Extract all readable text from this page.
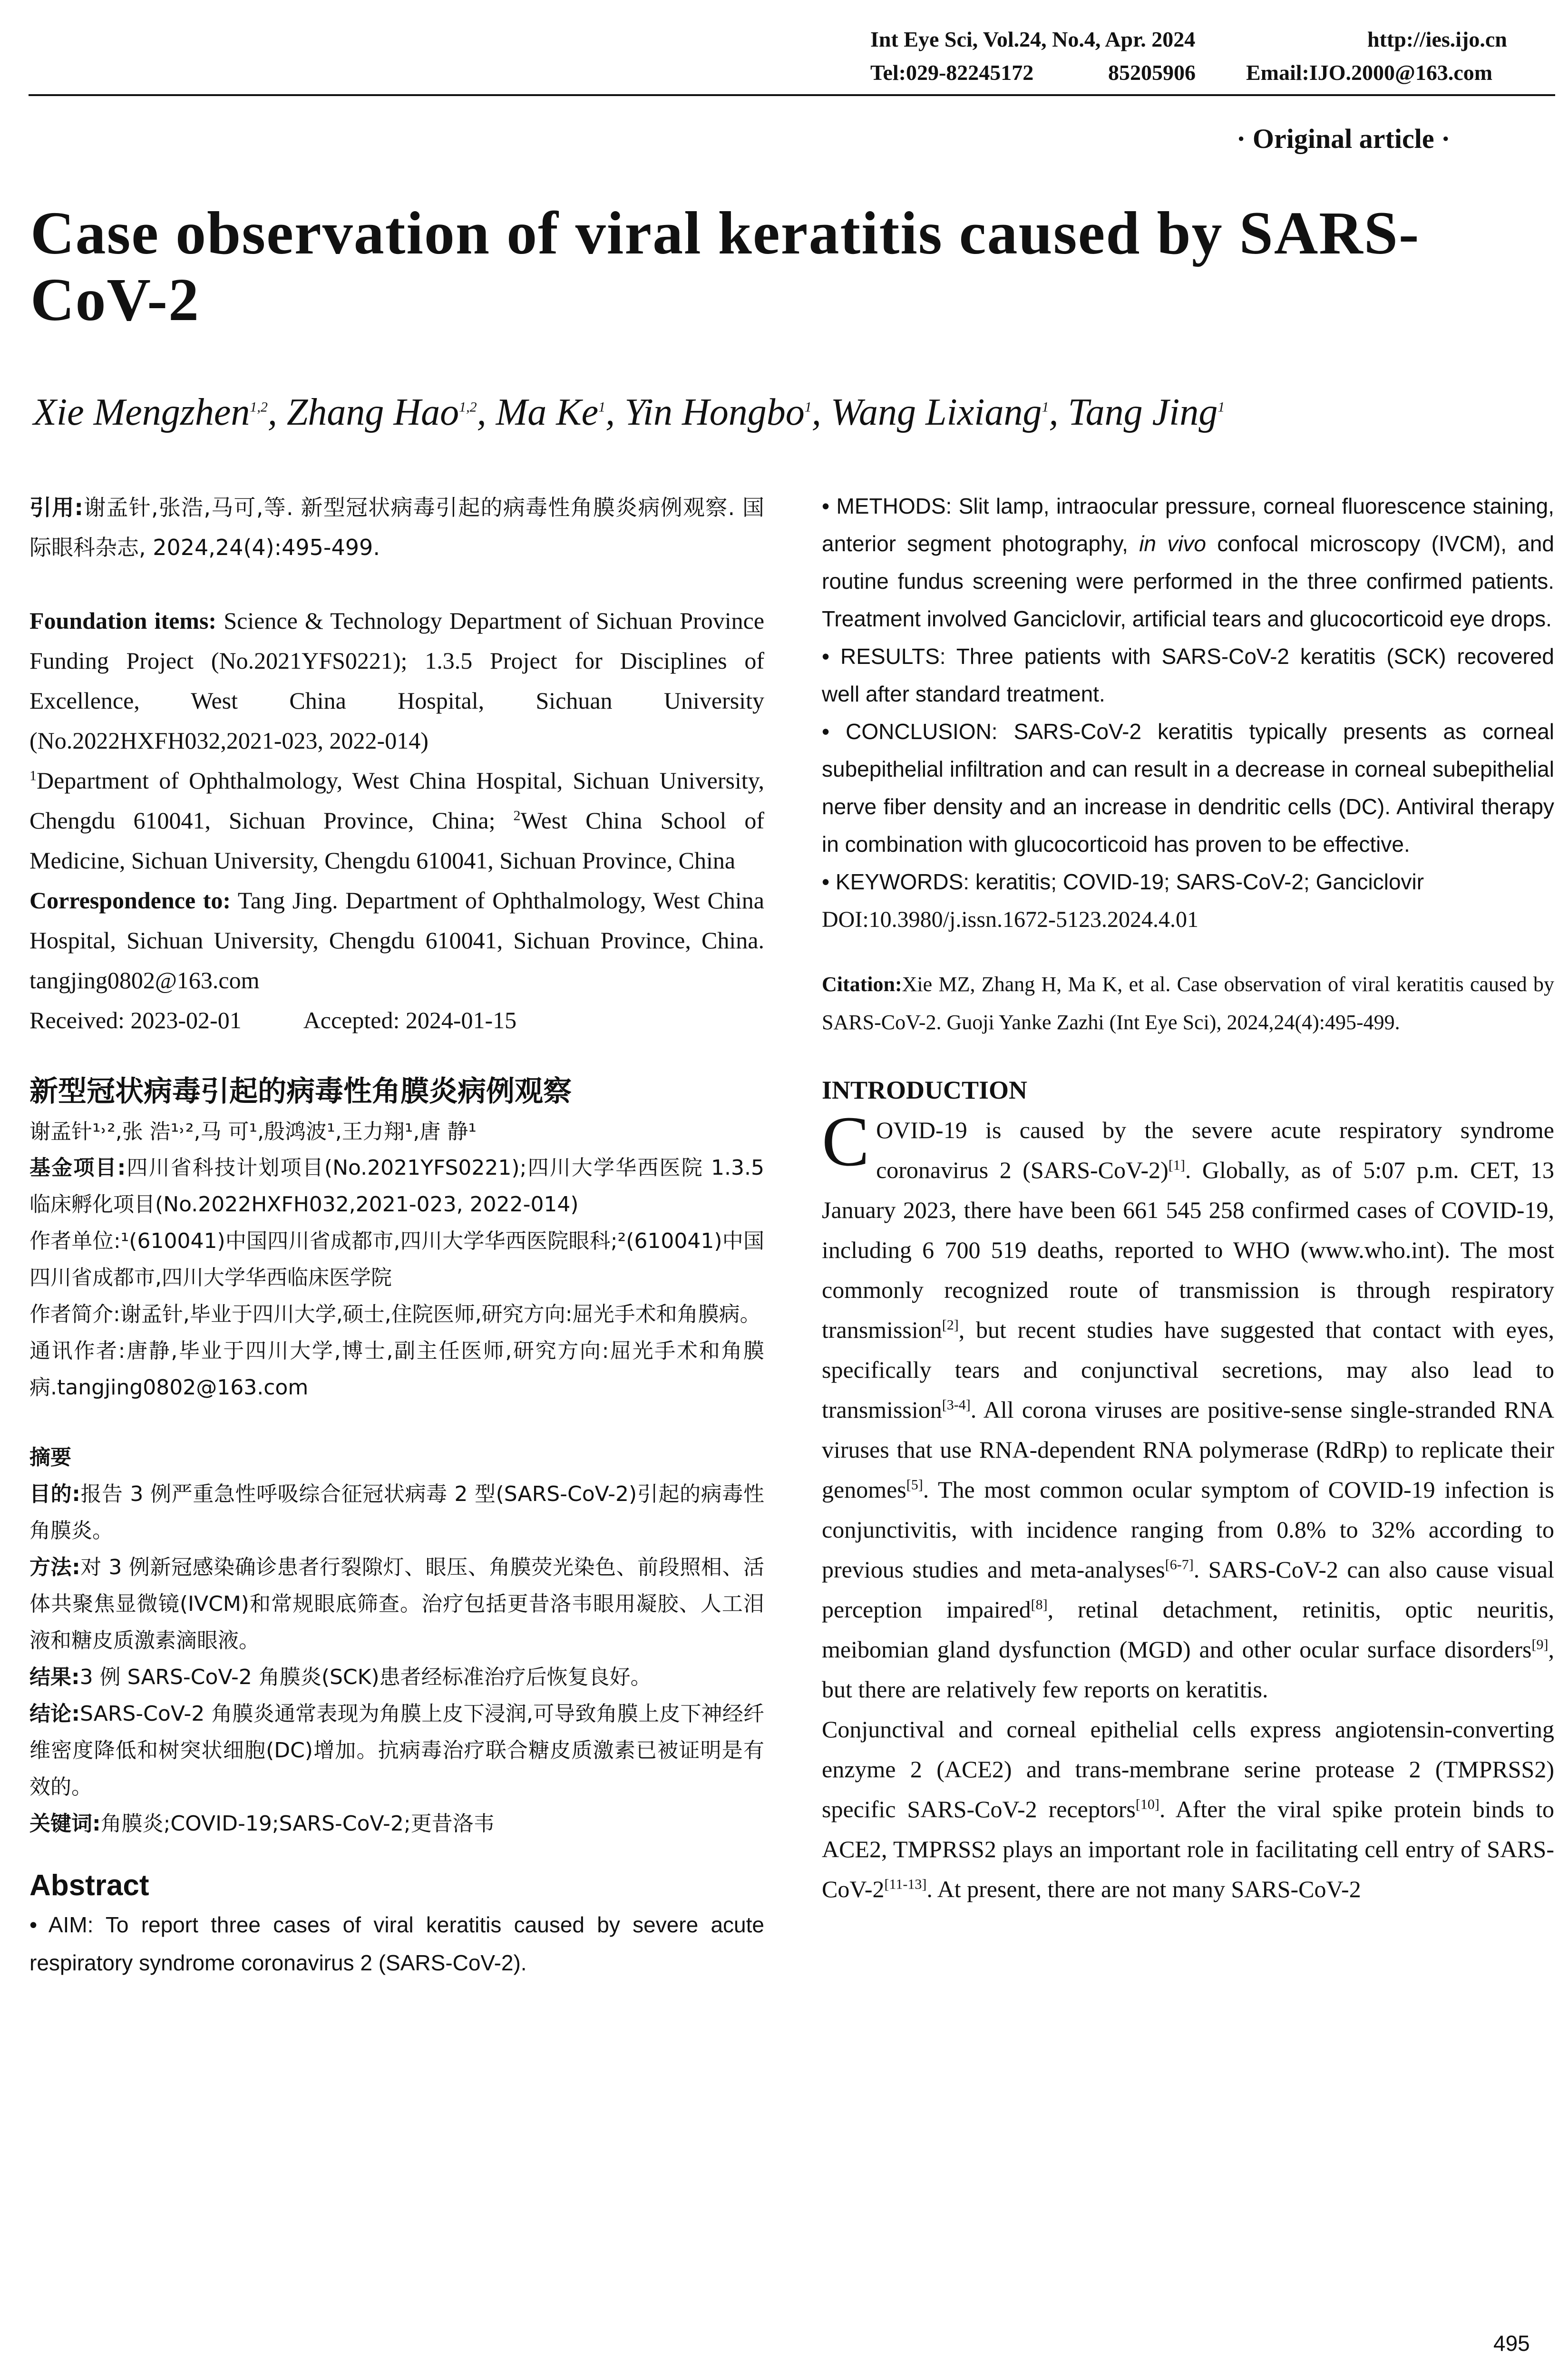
Int Eye Sci, Vol.24, No.4, Apr. 2024	http://ies.ijo.cn
Tel:029-82245172	85205906 Email:IJO.2000@163.com
· Original article ·
Case observation of viral keratitis caused by SARS-CoV-2
Xie Mengzhen$^{1,2}$, Zhang Hao$^{1,2}$, Ma Ke$^1$, Yin Hongbo$^1$, Wang Lixiang$^1$, Tang Jing$^1$

引用:谢孟针,张浩,马可,等. 新型冠状病毒引起的病毒性角膜炎病例观察. 国际眼科杂志, 2024,24(4):495-499.

Foundation items: Science & Technology Department of Sichuan Province Funding Project (No.2021YFS0221); 1.3.5 Project for Disciplines of Excellence, West China Hospital, Sichuan University (No.2022HXFH032,2021-023, 2022-014)

$^1$Department of Ophthalmology, West China Hospital, Sichuan University, Chengdu 610041, Sichuan Province, China; $^2$West China School of Medicine, Sichuan University, Chengdu 610041, Sichuan Province, China

Correspondence to: Tang Jing. Department of Ophthalmology, West China Hospital, Sichuan University, Chengdu 610041, Sichuan Province, China. tangjing0802@163.com

Received: 2023-02-01	Accepted: 2024-01-15

新型冠状病毒引起的病毒性角膜炎病例观察

谢孟针¹˒²,张 浩¹˒²,马 可¹,殷鸿波¹,王力翔¹,唐 静¹

基金项目:四川省科技计划项目(No.2021YFS0221);四川大学华西医院 1.3.5 临床孵化项目(No.2022HXFH032,2021-023, 2022-014)

作者单位:¹(610041)中国四川省成都市,四川大学华西医院眼科;²(610041)中国四川省成都市,四川大学华西临床医学院

作者简介:谢孟针,毕业于四川大学,硕士,住院医师,研究方向:屈光手术和角膜病。

通讯作者:唐静,毕业于四川大学,博士,副主任医师,研究方向:屈光手术和角膜病.tangjing0802@163.com

摘要

目的:报告 3 例严重急性呼吸综合征冠状病毒 2 型(SARS-CoV-2)引起的病毒性角膜炎。

方法:对 3 例新冠感染确诊患者行裂隙灯、眼压、角膜荧光染色、前段照相、活体共聚焦显微镜(IVCM)和常规眼底筛查。治疗包括更昔洛韦眼用凝胶、人工泪液和糖皮质激素滴眼液。

结果:3 例 SARS-CoV-2 角膜炎(SCK)患者经标准治疗后恢复良好。

结论:SARS-CoV-2 角膜炎通常表现为角膜上皮下浸润,可导致角膜上皮下神经纤维密度降低和树突状细胞(DC)增加。抗病毒治疗联合糖皮质激素已被证明是有效的。

关键词:角膜炎;COVID-19;SARS-CoV-2;更昔洛韦

Abstract

• AIM: To report three cases of viral keratitis caused by severe acute respiratory syndrome coronavirus 2 (SARS-CoV-2).

• METHODS: Slit lamp, intraocular pressure, corneal fluorescence staining, anterior segment photography, in vivo confocal microscopy (IVCM), and routine fundus screening were performed in the three confirmed patients. Treatment involved Ganciclovir, artificial tears and glucocorticoid eye drops.

• RESULTS: Three patients with SARS-CoV-2 keratitis (SCK) recovered well after standard treatment.

• CONCLUSION: SARS-CoV-2 keratitis typically presents as corneal subepithelial infiltration and can result in a decrease in corneal subepithelial nerve fiber density and an increase in dendritic cells (DC). Antiviral therapy in combination with glucocorticoid has proven to be effective.

• KEYWORDS: keratitis; COVID-19; SARS-CoV-2; Ganciclovir

DOI:10.3980/j.issn.1672-5123.2024.4.01

Citation:Xie MZ, Zhang H, Ma K, et al. Case observation of viral keratitis caused by SARS-CoV-2. Guoji Yanke Zazhi (Int Eye Sci), 2024,24(4):495-499.

INTRODUCTION

COVID-19 is caused by the severe acute respiratory syndrome coronavirus 2 (SARS-CoV-2)[1]. Globally, as of 5:07 p.m. CET, 13 January 2023, there have been 661 545 258 confirmed cases of COVID-19, including 6 700 519 deaths, reported to WHO (www.who.int). The most commonly recognized route of transmission is through respiratory transmission[2], but recent studies have suggested that contact with eyes, specifically tears and conjunctival secretions, may also lead to transmission[3-4]. All corona viruses are positive-sense single-stranded RNA viruses that use RNA-dependent RNA polymerase (RdRp) to replicate their genomes[5]. The most common ocular symptom of COVID-19 infection is conjunctivitis, with incidence ranging from 0.8% to 32% according to previous studies and meta-analyses[6-7]. SARS-CoV-2 can also cause visual perception impaired[8], retinal detachment, retinitis, optic neuritis, meibomian gland dysfunction (MGD) and other ocular surface disorders[9], but there are relatively few reports on keratitis.

Conjunctival and corneal epithelial cells express angiotensin-converting enzyme 2 (ACE2) and trans-membrane serine protease 2 (TMPRSS2) specific SARS-CoV-2 receptors[10]. After the viral spike protein binds to ACE2, TMPRSS2 plays an important role in facilitating cell entry of SARS-CoV-2[11-13]. At present, there are not many SARS-CoV-2

495
